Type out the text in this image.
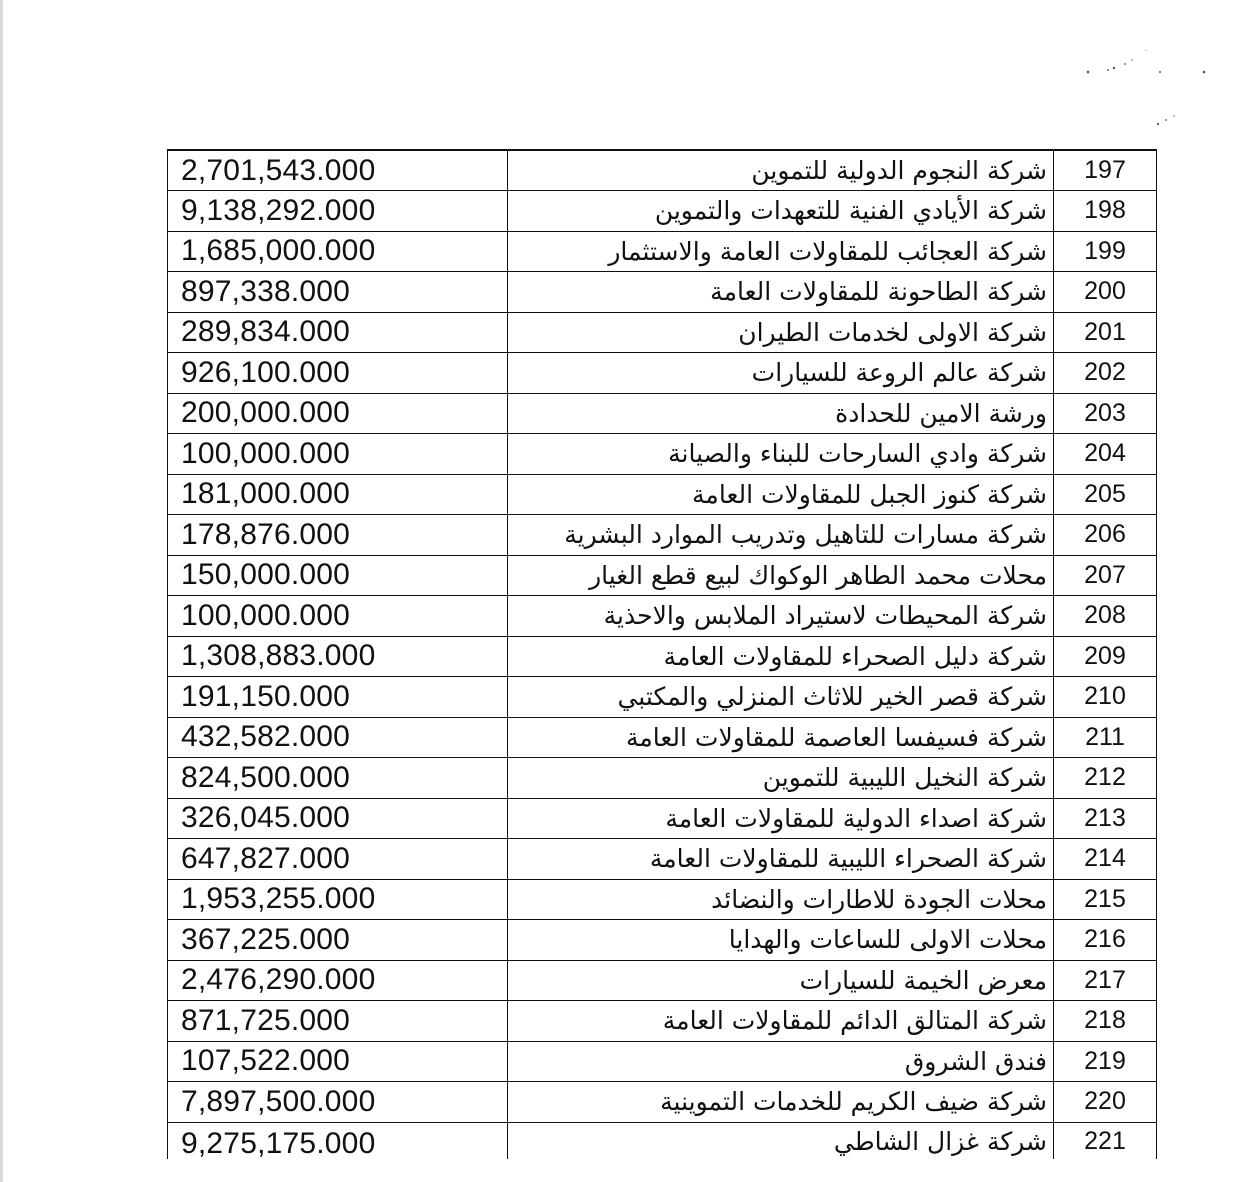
2,701,543.000	شركة النجوم الدولية للتموين	197
9,138,292.000	شركة الأيادي الفنية للتعهدات والتموين	198
1,685,000.000	شركة العجائب للمقاولات العامة والاستثمار	199
897,338.000	شركة الطاحونة للمقاولات العامة	200
289,834.000	شركة الاولى لخدمات الطيران	201
926,100.000	شركة عالم الروعة للسيارات	202
200,000.000	ورشة الامين للحدادة	203
100,000.000	شركة وادي السارحات للبناء والصيانة	204
181,000.000	شركة كنوز الجبل للمقاولات العامة	205
178,876.000	شركة مسارات للتاهيل وتدريب الموارد البشرية	206
150,000.000	محلات محمد الطاهر الوكواك لبيع قطع الغيار	207
100,000.000	شركة المحيطات لاستيراد الملابس والاحذية	208
1,308,883.000	شركة دليل الصحراء للمقاولات العامة	209
191,150.000	شركة قصر الخير للاثاث المنزلي والمكتبي	210
432,582.000	شركة فسيفسا العاصمة للمقاولات العامة	211
824,500.000	شركة النخيل الليبية للتموين	212
326,045.000	شركة اصداء الدولية للمقاولات العامة	213
647,827.000	شركة الصحراء الليبية للمقاولات العامة	214
1,953,255.000	محلات الجودة للاطارات والنضائد	215
367,225.000	محلات الاولى للساعات والهدايا	216
2,476,290.000	معرض الخيمة للسيارات	217
871,725.000	شركة المتالق الدائم للمقاولات العامة	218
107,522.000	فندق الشروق	219
7,897,500.000	شركة ضيف الكريم للخدمات التموينية	220
9,275,175.000	شركة غزال الشاطي	221
